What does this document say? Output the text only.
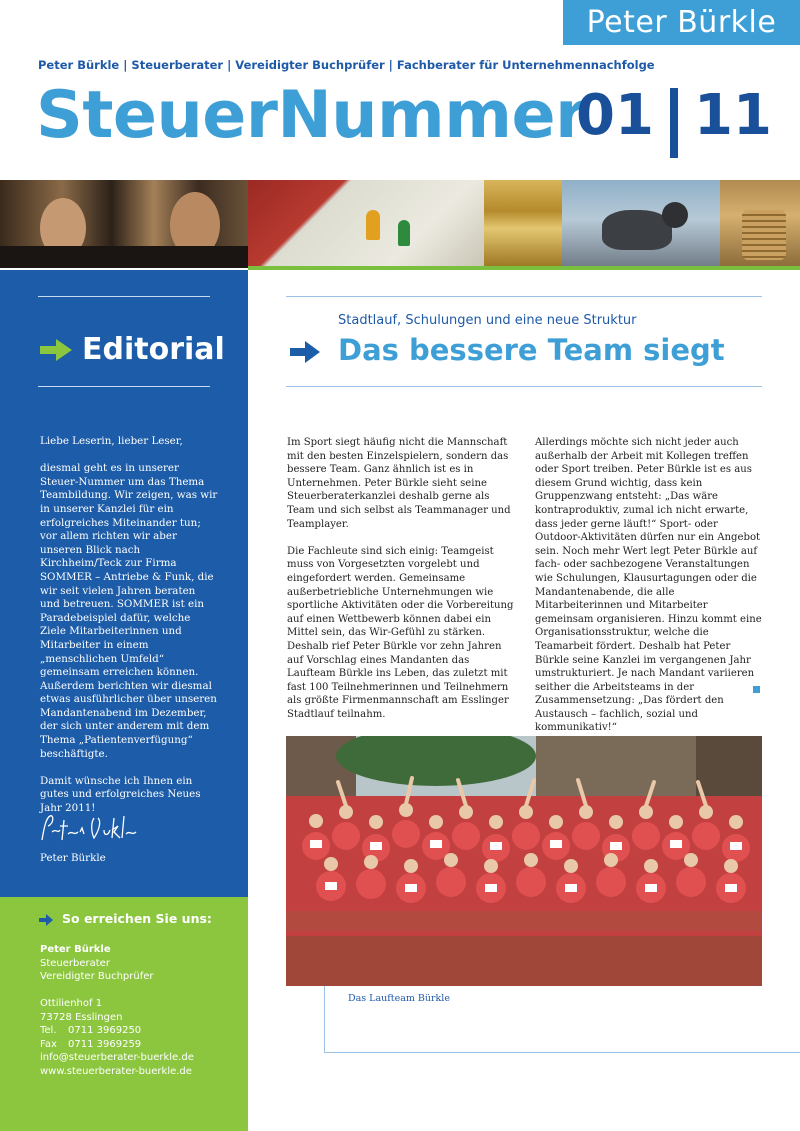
Peter Bürkle
Peter Bürkle | Steuerberater | Vereidigter Buchprüfer | Fachberater für Unternehmennachfolge
SteuerNummer
01 11
Editorial

Liebe Leserin, lieber Leser,

diesmal geht es in unserer Steuer-Nummer um das Thema Teambildung. Wir zeigen, was wir in unserer Kanzlei für ein erfolgreiches Miteinander tun; vor allem richten wir aber unseren Blick nach Kirchheim/Teck zur Firma SOMMER – Antriebe & Funk, die wir seit vielen Jahren beraten und betreuen. SOMMER ist ein Paradebeispiel dafür, welche Ziele Mitarbeiterinnen und Mitarbeiter in einem „menschlichen Umfeld“ gemeinsam erreichen können. Außerdem berichten wir diesmal etwas ausführlicher über unseren Mandantenabend im Dezember, der sich unter anderem mit dem Thema „Patientenverfügung“ beschäftigte.

Damit wünsche ich Ihnen ein gutes und erfolgreiches Neues Jahr 2011!

Peter Bürkle
So erreichen Sie uns:
Peter Bürkle
Steuerberater
Vereidigter Buchprüfer
Ottilienhof 1
73728 Esslingen
Tel.	0711 3969250
Fax	0711 3969259
info@steuerberater-buerkle.de
www.steuerberater-buerkle.de
Stadtlauf, Schulungen und eine neue Struktur
Das bessere Team siegt

Im Sport siegt häufig nicht die Mannschaft mit den besten Einzelspielern, sondern das bessere Team. Ganz ähnlich ist es in Unternehmen. Peter Bürkle sieht seine Steuerberaterkanzlei deshalb gerne als Team und sich selbst als Teammanager und Teamplayer.

Die Fachleute sind sich einig: Teamgeist muss von Vorgesetzten vorgelebt und eingefordert werden. Gemeinsame außerbetriebliche Unternehmungen wie sportliche Aktivitäten oder die Vorbereitung auf einen Wettbewerb können dabei ein Mittel sein, das Wir-Gefühl zu stärken. Deshalb rief Peter Bürkle vor zehn Jahren auf Vorschlag eines Mandanten das Laufteam Bürkle ins Leben, das zuletzt mit fast 100 Teilnehmerinnen und Teilnehmern als größte Firmenmannschaft am Esslinger Stadtlauf teilnahm.

Allerdings möchte sich nicht jeder auch außerhalb der Arbeit mit Kollegen treffen oder Sport treiben. Peter Bürkle ist es aus diesem Grund wichtig, dass kein Gruppenzwang entsteht: „Das wäre kontraproduktiv, zumal ich nicht erwarte, dass jeder gerne läuft!“ Sport- oder Outdoor-Aktivitäten dürfen nur ein Angebot sein. Noch mehr Wert legt Peter Bürkle auf fach- oder sachbezogene Veranstaltungen wie Schulungen, Klausurtagungen oder die Mandantenabende, die alle Mitarbeiterinnen und Mitarbeiter gemeinsam organisieren. Hinzu kommt eine Organisationsstruktur, welche die Teamarbeit fördert. Deshalb hat Peter Bürkle seine Kanzlei im vergangenen Jahr umstrukturiert. Je nach Mandant variieren seither die Arbeitsteams in der Zusammensetzung: „Das fördert den Austausch – fachlich, sozial und kommunikativ!“

Das Laufteam Bürkle
